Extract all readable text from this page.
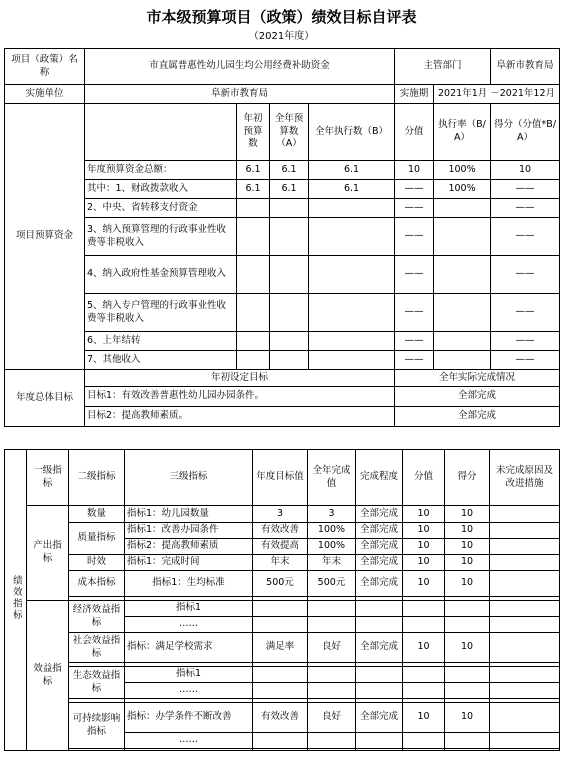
市本级预算项目（政策）绩效目标自评表
（2021年度）
项目（政策）名称	市直属普惠性幼儿园生均公用经费补助资金				主管部门		阜新市教育局
实施单位	阜新市教育局				实施期	2021年1月 －2021年12月	
项目预算资金		年初预算数	全年预算数（A）	全年执行数（B）	分值	执行率（B/A）	得分（分值*B/A）
	年度预算资金总额：	6.1	6.1	6.1	10	100%	10
	其中：1、财政拨款收入	6.1	6.1	6.1	——	100%	——
	2、中央、省转移支付资金				——		——
	3、纳入预算管理的行政事业性收费等非税收入				——		——
	4、纳入政府性基金预算管理收入				——		——
	5、纳入专户管理的行政事业性收费等非税收入				——		——
	6、上年结转				——		——
	7、其他收入				——		——
年度总体目标	年初设定目标				全年实际完成情况		
	目标1：有效改善普惠性幼儿园办园条件。				全部完成		
	目标2：提高教师素质。				全部完成		
绩效指标	一级指标	二级指标	三级指标	年度目标值	全年完成值	完成程度	分值	得分	未完成原因及改进措施
	产出指标	数量	指标1：幼儿园数量	3	3	全部完成	10	10	
		质量指标	指标1：改善办园条件	有效改善	100%	全部完成	10	10	
			指标2：提高教师素质	有效提高	100%	全部完成	10	10	
		时效	指标1：完成时间	年末	年末	全部完成	10	10	
		成本指标	指标1：生均标准	500元	500元	全部完成	10	10	

	效益指标	经济效益指标	指标1						
			……						
		社会效益指标	指标：满足学校需求	满足率	良好	全部完成	10	10	

		生态效益指标	指标1						
			……						

		可持续影响指标	指标：办学条件不断改善	有效改善	良好	全部完成	10	10	
			……						
